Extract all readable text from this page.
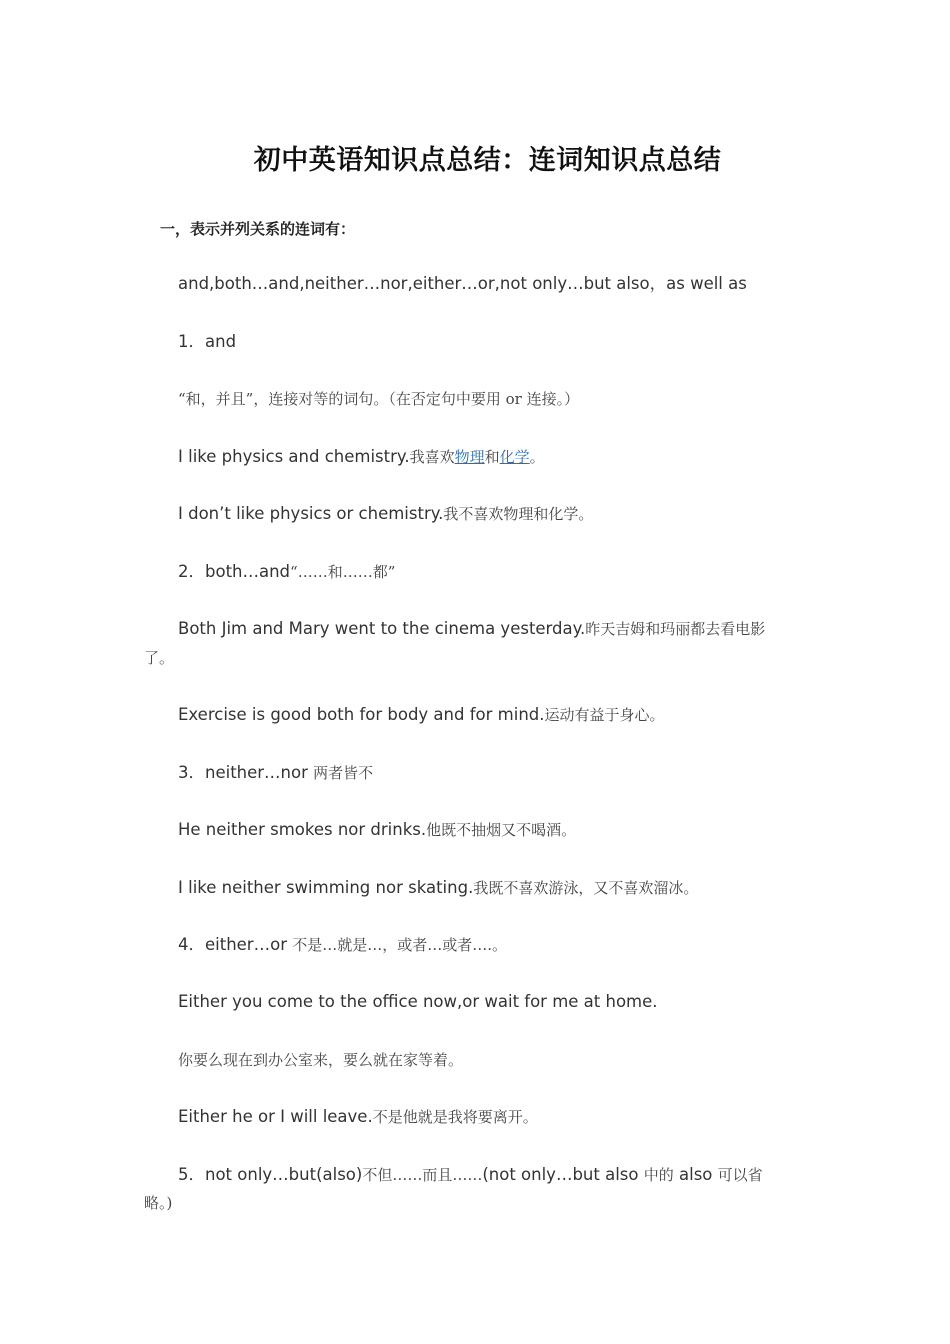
初中英语知识点总结：连词知识点总结
一，表示并列关系的连词有：
and,both…and,neither…nor,either…or,not only…but also，as well as
1．and
“和，并且”，连接对等的词句。（在否定句中要用 or 连接。）
I like physics and chemistry.我喜欢物理和化学。
I don’t like physics or chemistry.我不喜欢物理和化学。
2．both…and“……和……都”
Both Jim and Mary went to the cinema yesterday.昨天吉姆和玛丽都去看电影
了。
Exercise is good both for body and for mind.运动有益于身心。
3．neither…nor 两者皆不
He neither smokes nor drinks.他既不抽烟又不喝酒。
I like neither swimming nor skating.我既不喜欢游泳，又不喜欢溜冰。
4．either…or 不是…就是…，或者…或者….。
Either you come to the office now,or wait for me at home.
你要么现在到办公室来，要么就在家等着。
Either he or I will leave.不是他就是我将要离开。
5．not only…but(also)不但……而且……(not only…but also 中的 also 可以省
略。)
